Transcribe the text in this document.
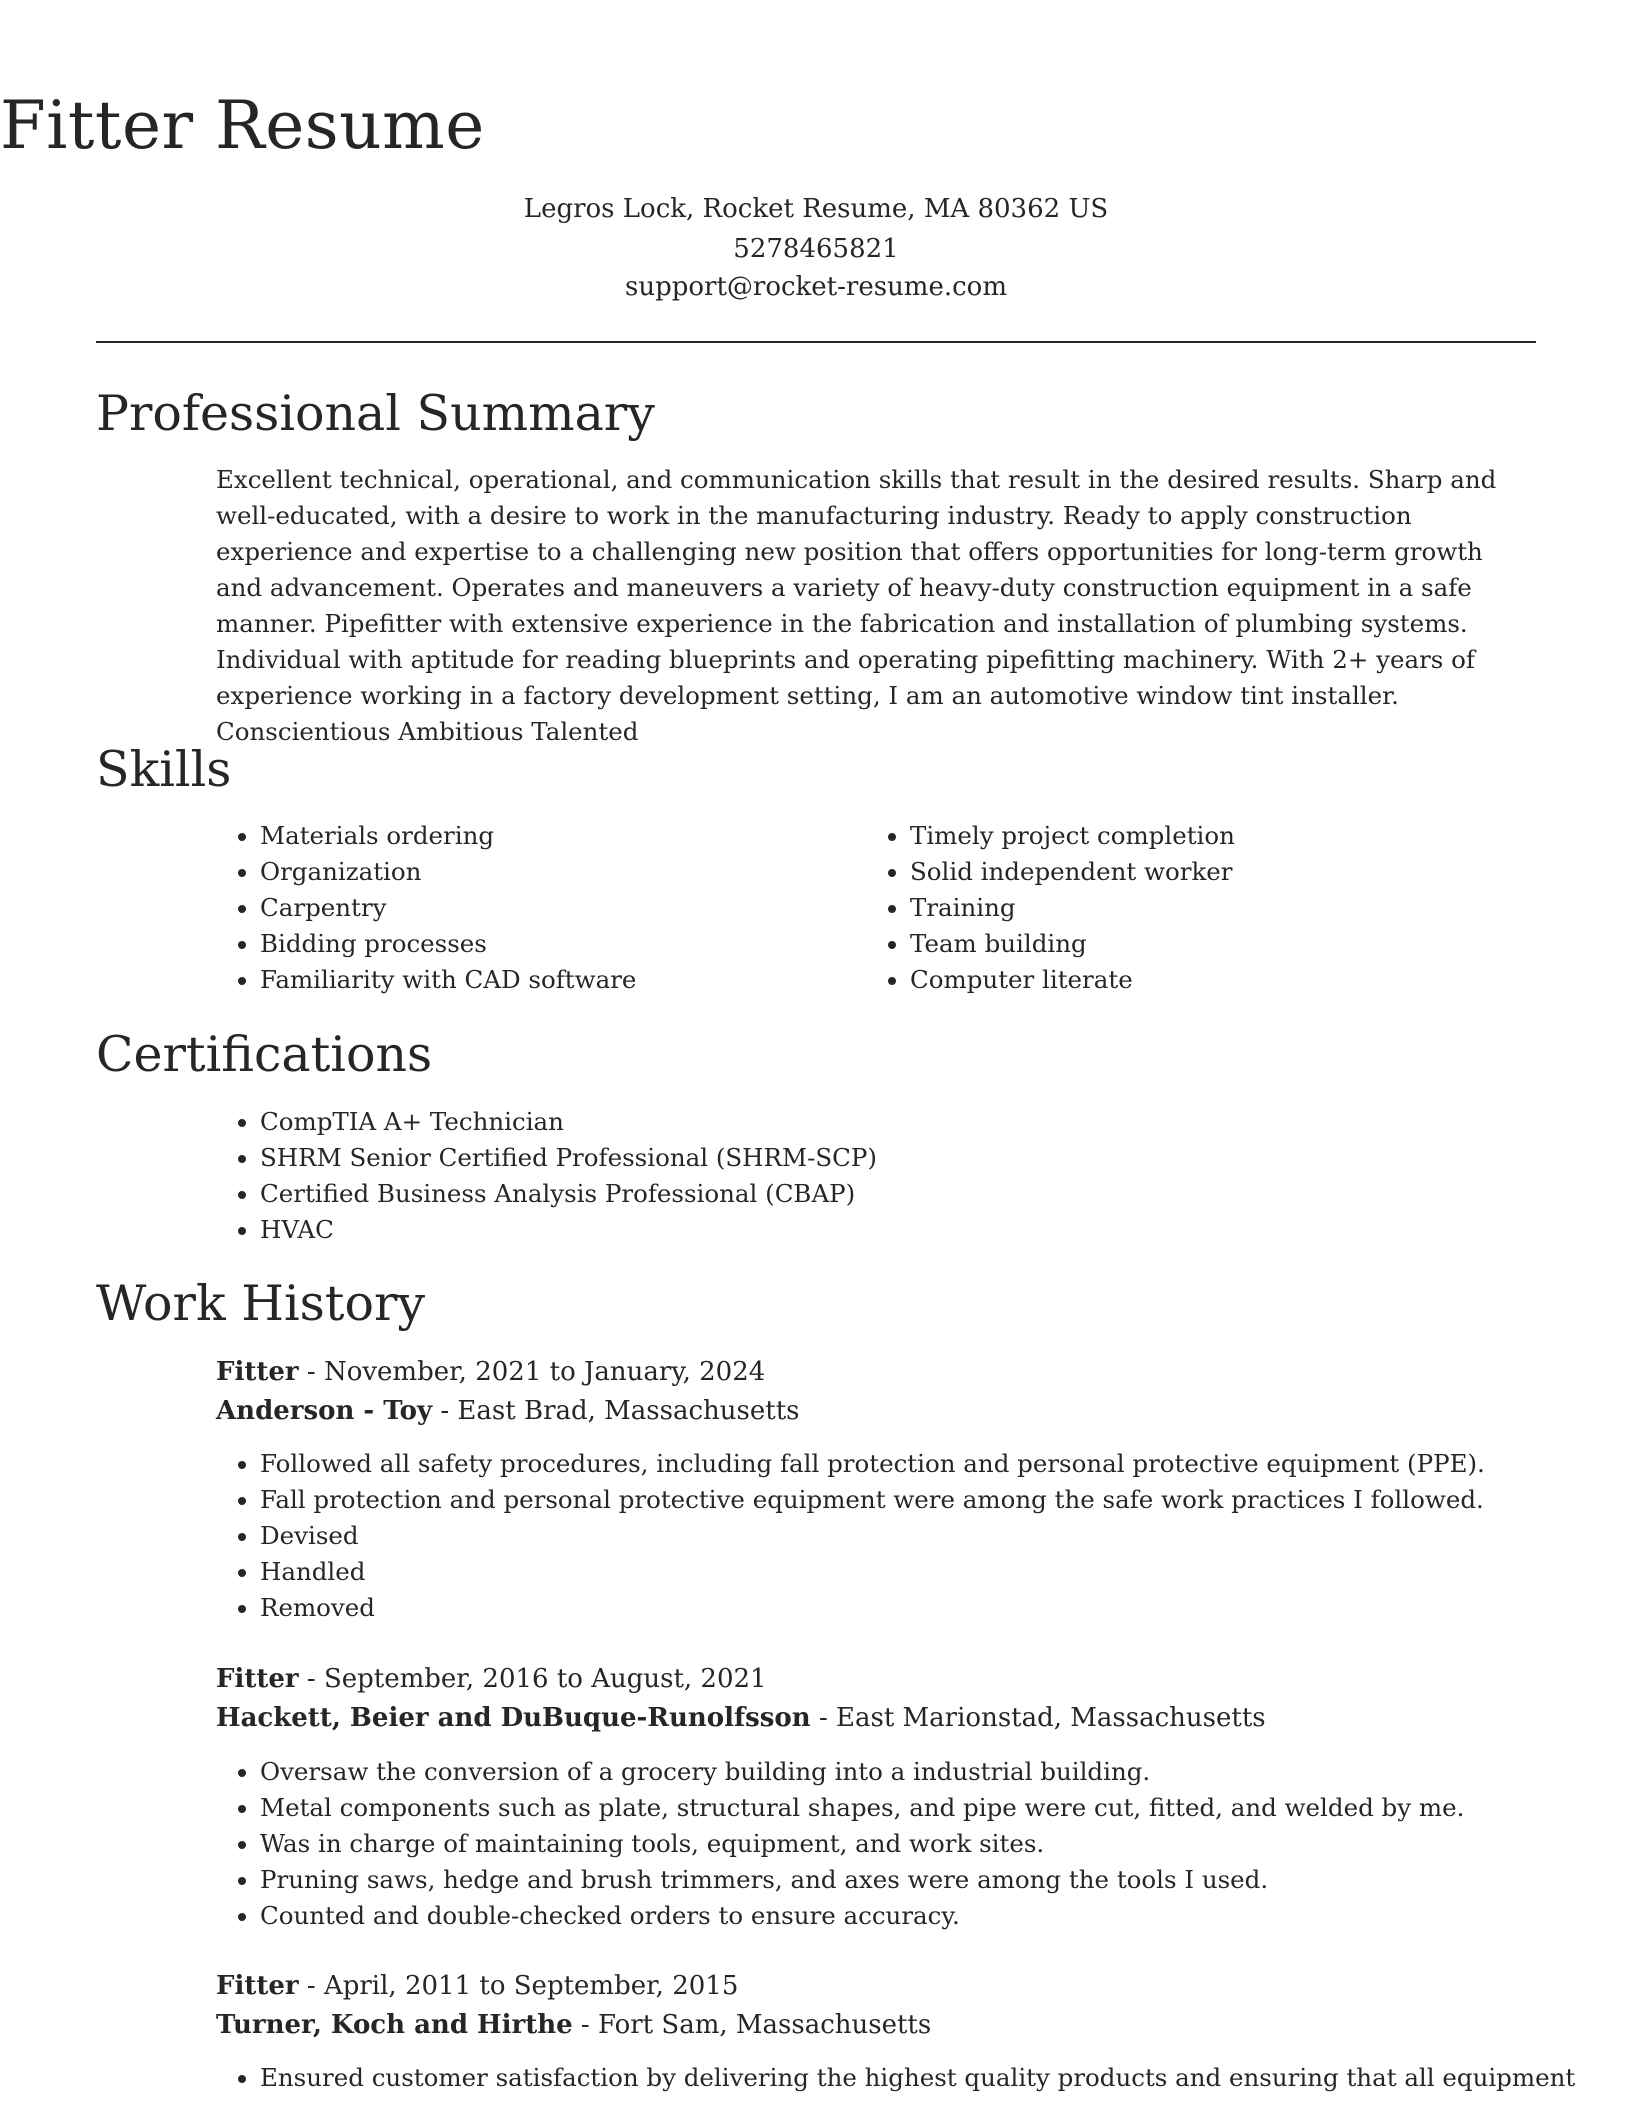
Fitter Resume
Legros Lock, Rocket Resume, MA 80362 US
5278465821
support@rocket-resume.com
Professional Summary

Excellent technical, operational, and communication skills that result in the desired results. Sharp and well-educated, with a desire to work in the manufacturing industry. Ready to apply construction experience and expertise to a challenging new position that offers opportunities for long-term growth and advancement. Operates and maneuvers a variety of heavy-duty construction equipment in a safe manner. Pipefitter with extensive experience in the fabrication and installation of plumbing systems. Individual with aptitude for reading blueprints and operating pipefitting machinery. With 2+ years of experience working in a factory development setting, I am an automotive window tint installer. Conscientious Ambitious Talented

Skills
• Materials ordering
• Organization
• Carpentry
• Bidding processes
• Familiarity with CAD software
• Timely project completion
• Solid independent worker
• Training
• Team building
• Computer literate
Certifications
• CompTIA A+ Technician
• SHRM Senior Certified Professional (SHRM-SCP)
• Certified Business Analysis Professional (CBAP)
• HVAC
Work History
Fitter - November, 2021 to January, 2024
Anderson - Toy - East Brad, Massachusetts
• Followed all safety procedures, including fall protection and personal protective equipment (PPE).
• Fall protection and personal protective equipment were among the safe work practices I followed.
• Devised
• Handled
• Removed
Fitter - September, 2016 to August, 2021
Hackett, Beier and DuBuque-Runolfsson - East Marionstad, Massachusetts
• Oversaw the conversion of a grocery building into a industrial building.
• Metal components such as plate, structural shapes, and pipe were cut, fitted, and welded by me.
• Was in charge of maintaining tools, equipment, and work sites.
• Pruning saws, hedge and brush trimmers, and axes were among the tools I used.
• Counted and double-checked orders to ensure accuracy.
Fitter - April, 2011 to September, 2015
Turner, Koch and Hirthe - Fort Sam, Massachusetts
• Ensured customer satisfaction by delivering the highest quality products and ensuring that all equipment
